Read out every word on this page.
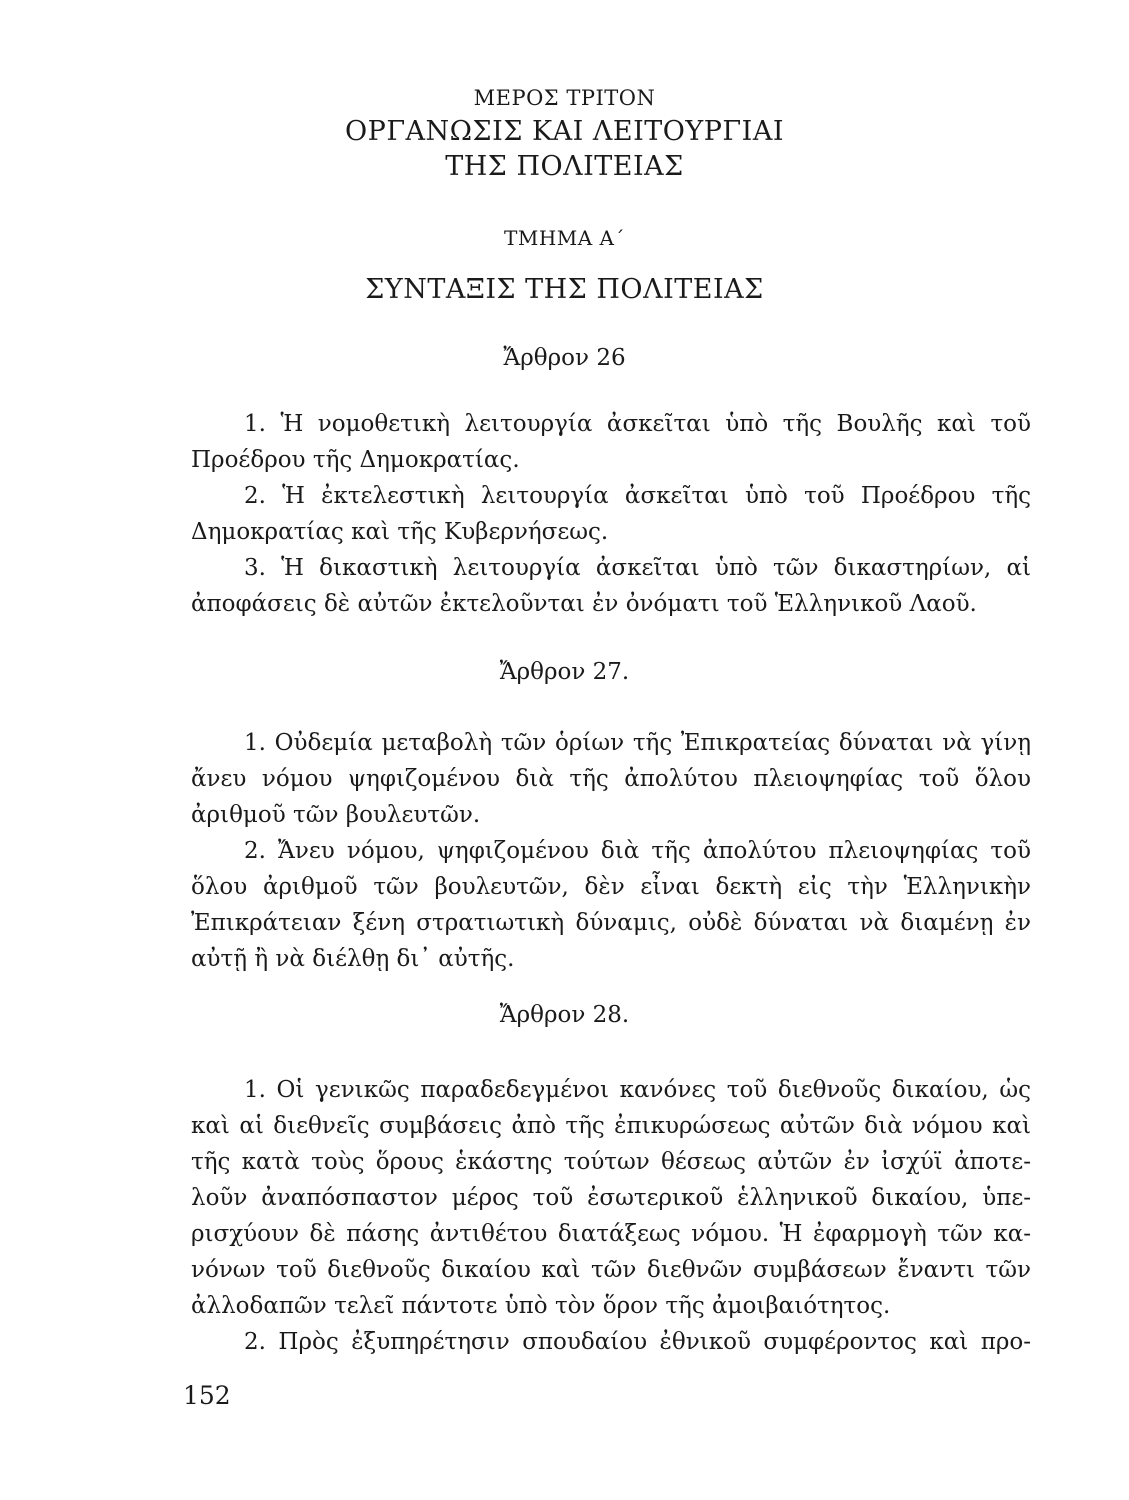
ΜΕΡΟΣ ΤΡΙΤΟΝ
ΟΡΓΑΝΩΣΙΣ ΚΑΙ ΛΕΙΤΟΥΡΓΙΑΙ
ΤΗΣ ΠΟΛΙΤΕΙΑΣ
ΤΜΗΜΑ Α΄
ΣΥΝΤΑΞΙΣ ΤΗΣ ΠΟΛΙΤΕΙΑΣ
Ἄρθρον 26
1. Ἡ νομοθετικὴ λειτουργία ἀσκεῖται ὑπὸ τῆς Βουλῆς καὶ τοῦ
Προέδρου τῆς Δημοκρατίας.
2. Ἡ ἐκτελεστικὴ λειτουργία ἀσκεῖται ὑπὸ τοῦ Προέδρου τῆς
Δημοκρατίας καὶ τῆς Κυβερνήσεως.
3. Ἡ δικαστικὴ λειτουργία ἀσκεῖται ὑπὸ τῶν δικαστηρίων, αἱ
ἀποφάσεις δὲ αὐτῶν ἐκτελοῦνται ἐν ὀνόματι τοῦ Ἑλληνικοῦ Λαοῦ.
Ἄρθρον 27.
1. Οὐδεμία μεταβολὴ τῶν ὁρίων τῆς Ἐπικρατείας δύναται νὰ γίνῃ
ἄνευ νόμου ψηφιζομένου διὰ τῆς ἀπολύτου πλειοψηφίας τοῦ ὅλου
ἀριθμοῦ τῶν βουλευτῶν.
2. Ἄνευ νόμου, ψηφιζομένου διὰ τῆς ἀπολύτου πλειοψηφίας τοῦ
ὅλου ἀριθμοῦ τῶν βουλευτῶν, δὲν εἶναι δεκτὴ εἰς τὴν Ἑλληνικὴν
Ἐπικράτειαν ξένη στρατιωτικὴ δύναμις, οὐδὲ δύναται νὰ διαμένῃ ἐν
αὐτῇ ἢ νὰ διέλθῃ δι᾽ αὐτῆς.
Ἄρθρον 28.
1. Οἱ γενικῶς παραδεδεγμένοι κανόνες τοῦ διεθνοῦς δικαίου, ὡς
καὶ αἱ διεθνεῖς συμβάσεις ἀπὸ τῆς ἐπικυρώσεως αὐτῶν διὰ νόμου καὶ
τῆς κατὰ τοὺς ὅρους ἑκάστης τούτων θέσεως αὐτῶν ἐν ἰσχύϊ ἀποτε-
λοῦν ἀναπόσπαστον μέρος τοῦ ἐσωτερικοῦ ἑλληνικοῦ δικαίου, ὑπε-
ρισχύουν δὲ πάσης ἀντιθέτου διατάξεως νόμου. Ἡ ἐφαρμογὴ τῶν κα-
νόνων τοῦ διεθνοῦς δικαίου καὶ τῶν διεθνῶν συμβάσεων ἔναντι τῶν
ἀλλοδαπῶν τελεῖ πάντοτε ὑπὸ τὸν ὅρον τῆς ἀμοιβαιότητος.
2. Πρὸς ἐξυπηρέτησιν σπουδαίου ἐθνικοῦ συμφέροντος καὶ προ-
152
